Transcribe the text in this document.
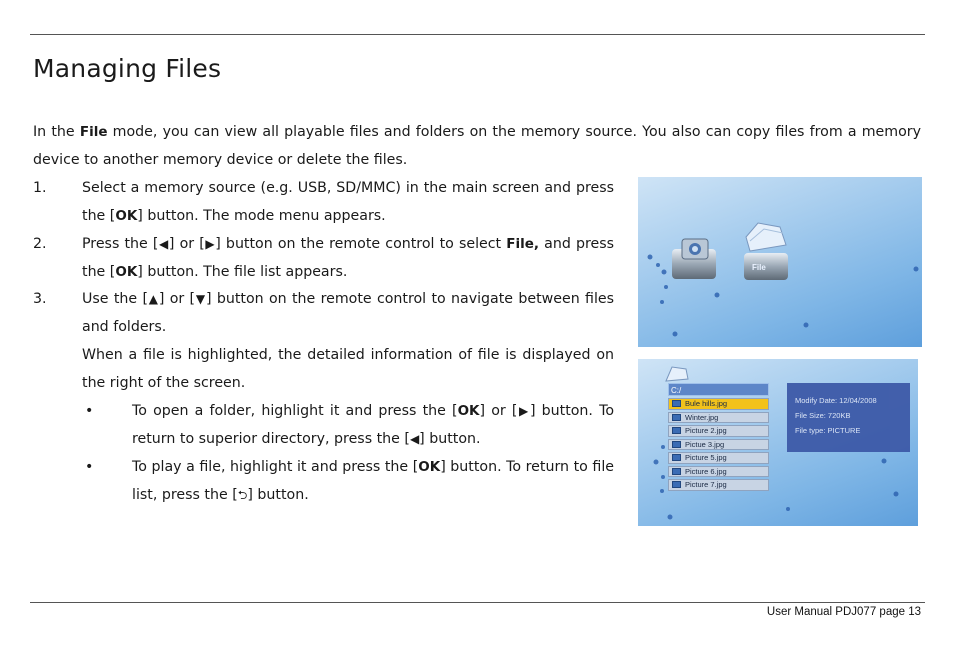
Managing Files

In the File mode, you can view all playable files and folders on the memory source. You also can copy files from a memory device to another memory device or delete the files.

1. Select a memory source (e.g. USB, SD/MMC) in the main screen and press the [OK] button. The mode menu appears.
2. Press the [◀] or [▶] button on the remote control to select File, and press the [OK] button. The file list appears.
3. Use the [▲] or [▼] button on the remote control to navigate between files and folders.

When a file is highlighted, the detailed information of file is displayed on the right of the screen.

•	To open a folder, highlight it and press the [OK] or [▶] button. To return to superior directory, press the [◀] button.
•	To play a file, highlight it and press the [OK] button. To return to file list, press the [⮌] button.
File
C:/
Bule hills.jpg
Winter.jpg
Picture 2.jpg
Pictue 3.jpg
Picture 5.jpg
Picture 6.jpg
Picture 7.jpg
Modify Date: 12/04/2008
File Size: 720KB
File type: PICTURE
User Manual PDJ077 page 13
